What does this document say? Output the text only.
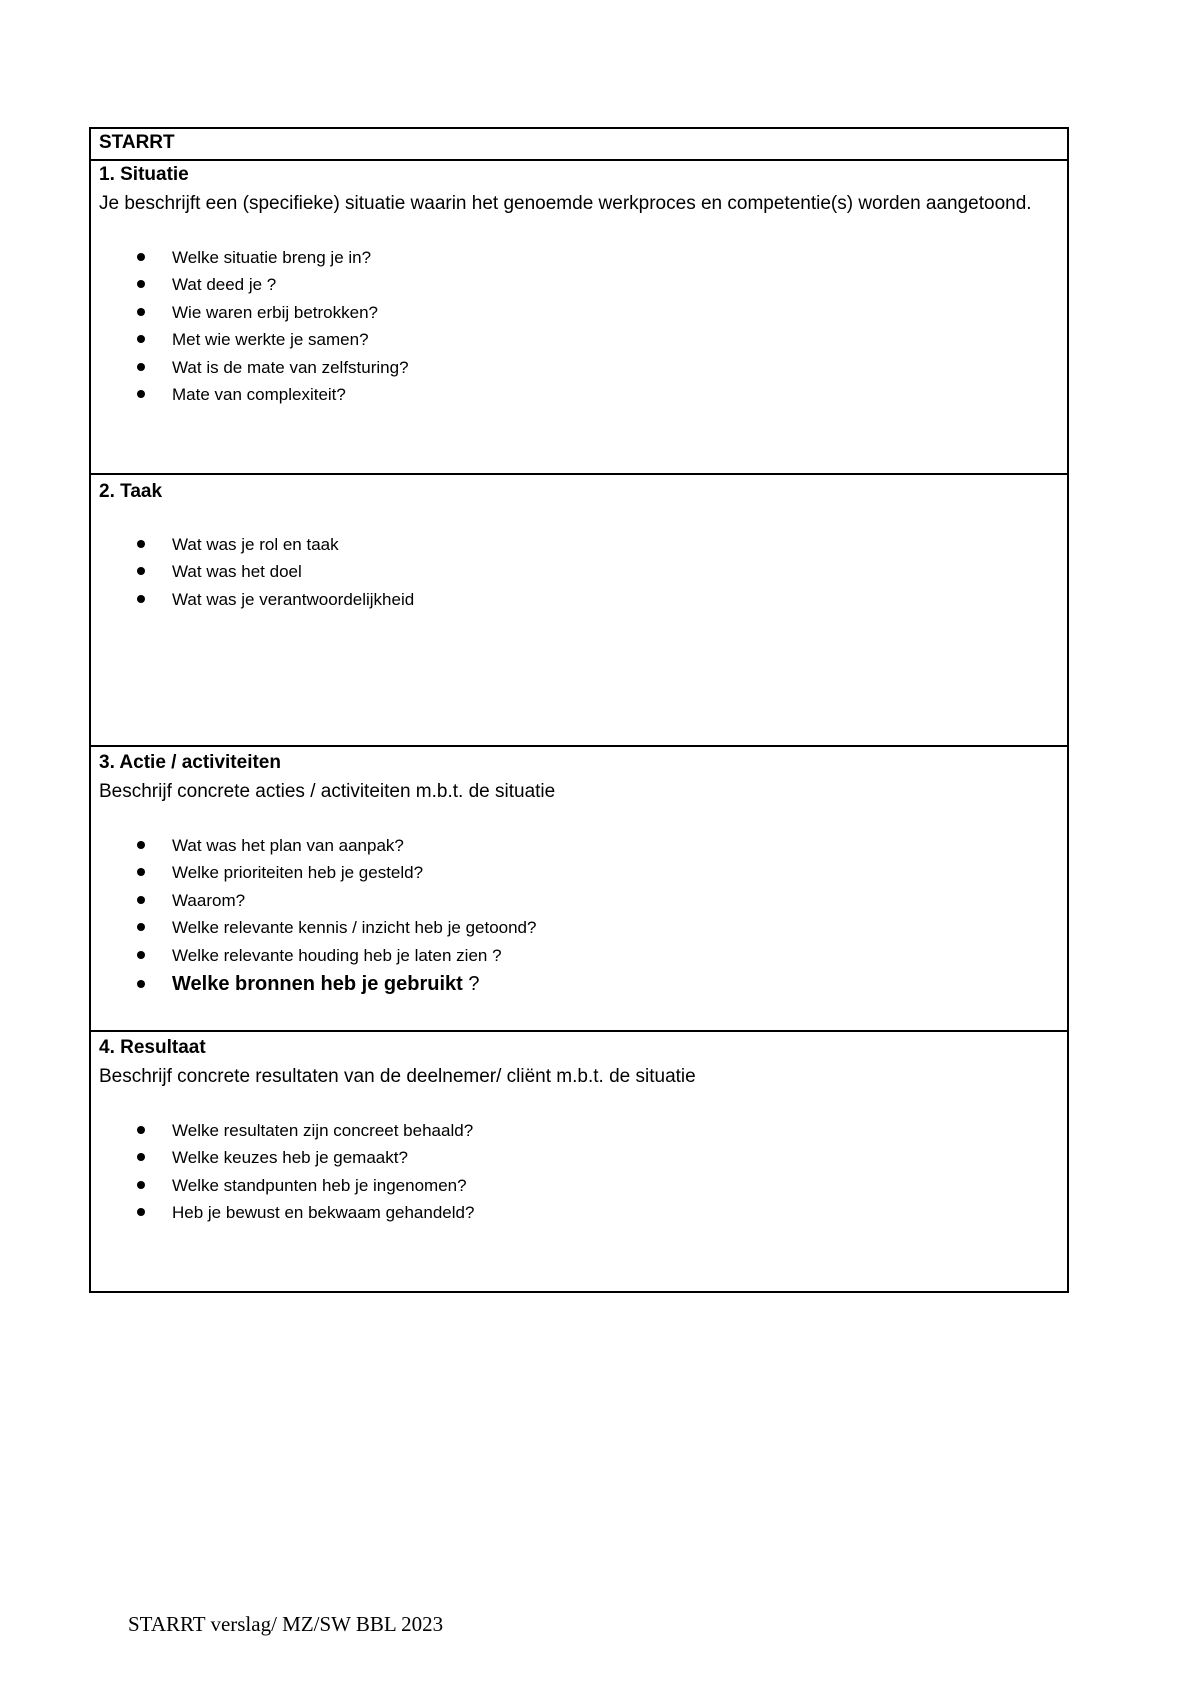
STARRT
1. Situatie
Je beschrijft een (specifieke) situatie waarin het genoemde werkproces en competentie(s) worden aangetoond.
Welke situatie breng je in?
Wat deed je ?
Wie waren erbij betrokken?
Met wie werkte je samen?
Wat is de mate van zelfsturing?
Mate van complexiteit?
2. Taak
Wat was je rol en taak
Wat was het doel
Wat was je verantwoordelijkheid
3. Actie / activiteiten
Beschrijf concrete acties / activiteiten m.b.t. de situatie
Wat was het plan van aanpak?
Welke prioriteiten heb je gesteld?
Waarom?
Welke relevante kennis / inzicht heb je getoond?
Welke relevante houding heb je laten zien ?
Welke bronnen heb je gebruikt ?
4. Resultaat
Beschrijf concrete resultaten van de deelnemer/ cliënt m.b.t. de situatie
Welke resultaten zijn concreet behaald?
Welke keuzes heb je gemaakt?
Welke standpunten heb je ingenomen?
Heb je bewust en bekwaam gehandeld?
STARRT verslag/ MZ/SW BBL 2023
